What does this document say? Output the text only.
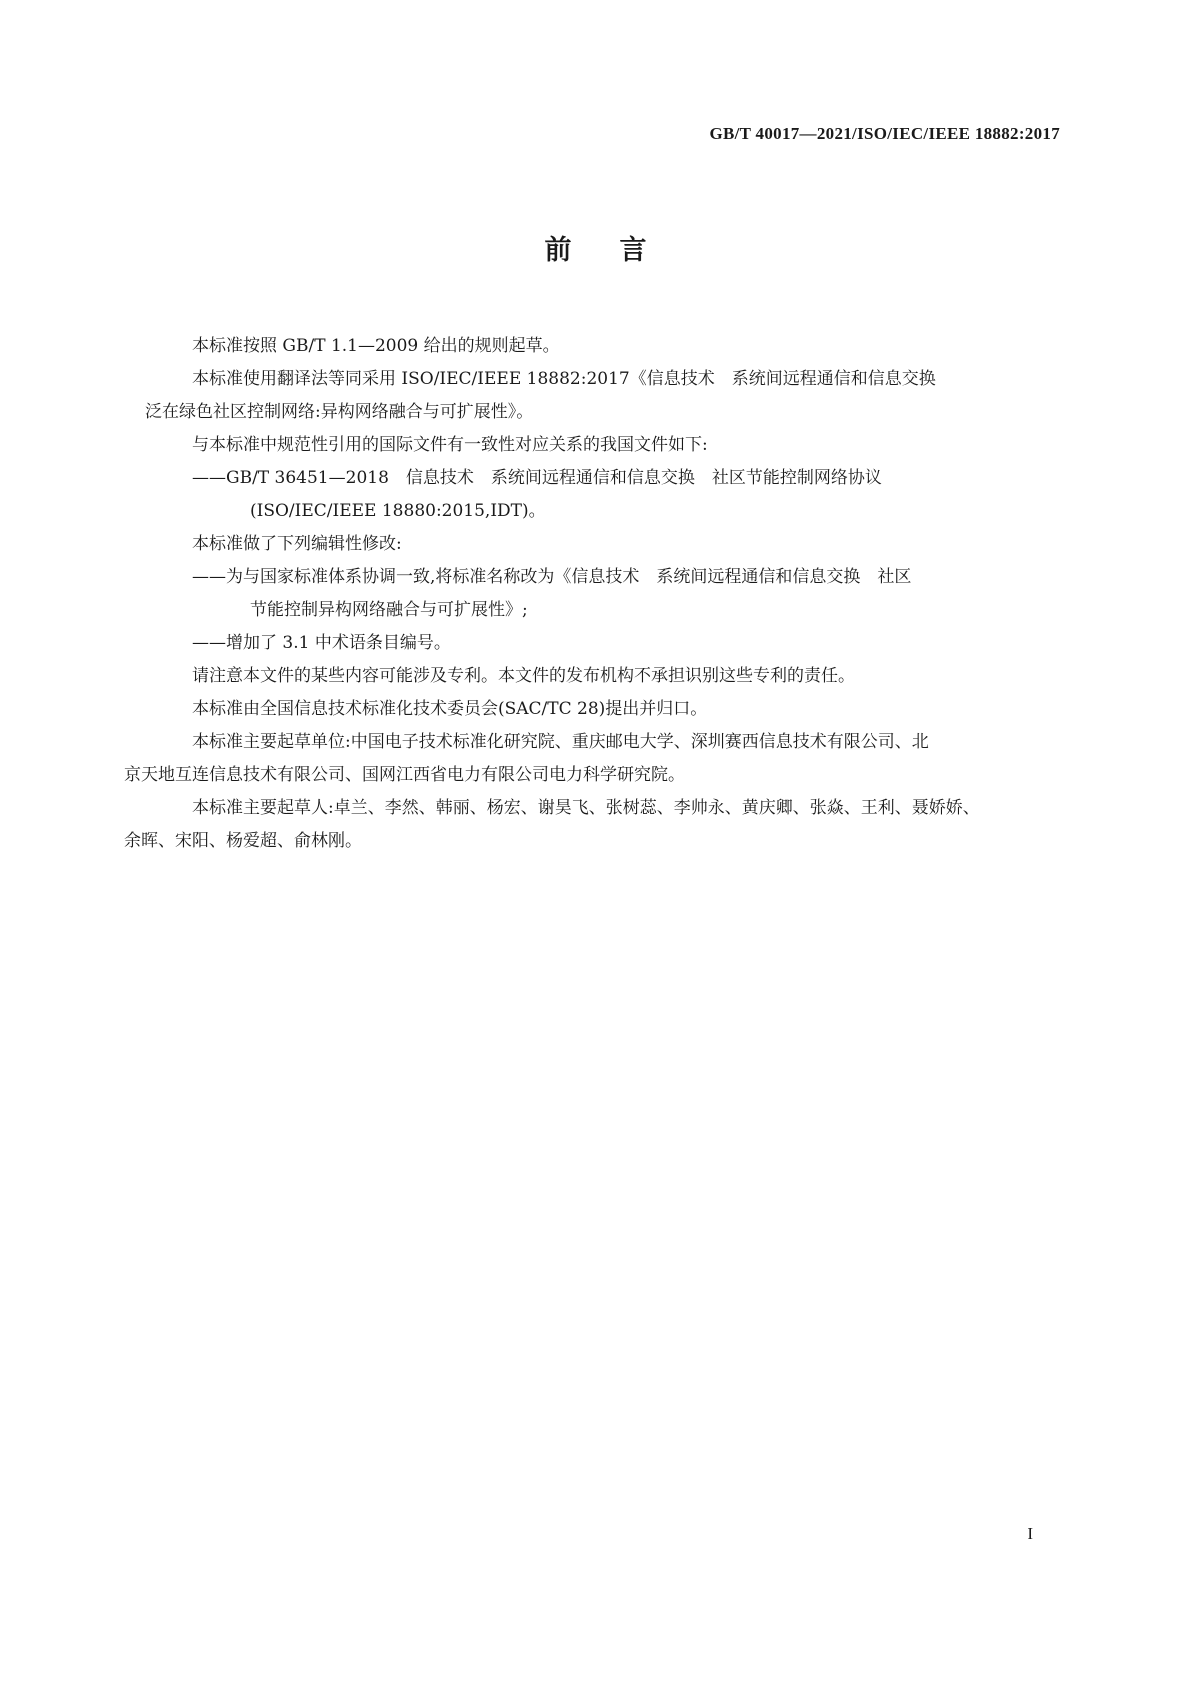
GB/T 40017—2021/ISO/IEC/IEEE 18882:2017
前言

本标准按照 GB/T 1.1—2009 给出的规则起草。

本标准使用翻译法等同采用 ISO/IEC/IEEE 18882:2017《信息技术　系统间远程通信和信息交换
泛在绿色社区控制网络:异构网络融合与可扩展性》。

与本标准中规范性引用的国际文件有一致性对应关系的我国文件如下:

——GB/T 36451—2018　信息技术　系统间远程通信和信息交换　社区节能控制网络协议
(ISO/IEC/IEEE 18880:2015,IDT)。

本标准做了下列编辑性修改:

——为与国家标准体系协调一致,将标准名称改为《信息技术　系统间远程通信和信息交换　社区
节能控制异构网络融合与可扩展性》;
——增加了 3.1 中术语条目编号。

请注意本文件的某些内容可能涉及专利。本文件的发布机构不承担识别这些专利的责任。

本标准由全国信息技术标准化技术委员会(SAC/TC 28)提出并归口。

本标准主要起草单位:中国电子技术标准化研究院、重庆邮电大学、深圳赛西信息技术有限公司、北
京天地互连信息技术有限公司、国网江西省电力有限公司电力科学研究院。
本标准主要起草人:卓兰、李然、韩丽、杨宏、谢昊飞、张树蕊、李帅永、黄庆卿、张焱、王利、聂娇娇、
余晖、宋阳、杨爱超、俞林刚。
I
